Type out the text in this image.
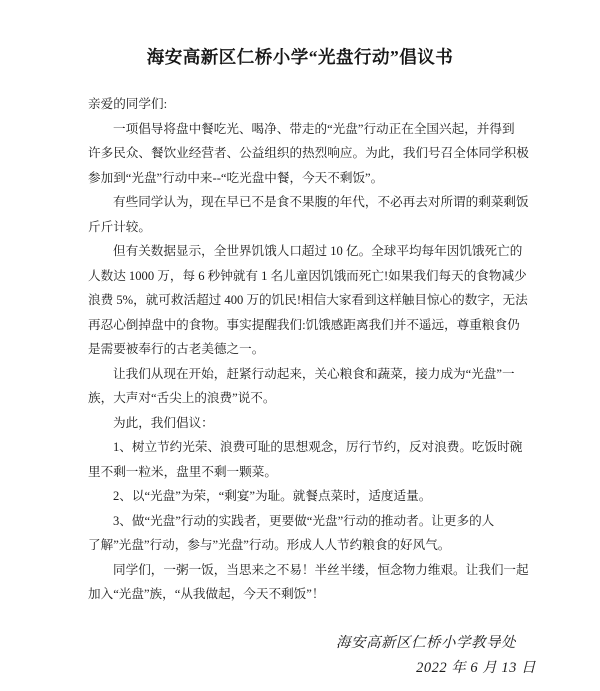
海安高新区仁桥小学“光盘行动”倡议书
亲爱的同学们:
一项倡导将盘中餐吃光、喝净、带走的“光盘”行动正在全国兴起，并得到
许多民众、餐饮业经营者、公益组织的热烈响应。为此，我们号召全体同学积极
参加到“光盘”行动中来--“吃光盘中餐，今天不剩饭”。
有些同学认为，现在早已不是食不果腹的年代，不必再去对所谓的剩菜剩饭
斤斤计较。
但有关数据显示，全世界饥饿人口超过 10 亿。全球平均每年因饥饿死亡的
人数达 1000 万，每 6 秒钟就有 1 名儿童因饥饿而死亡!如果我们每天的食物减少
浪费 5%，就可救活超过 400 万的饥民!相信大家看到这样触目惊心的数字，无法
再忍心倒掉盘中的食物。事实提醒我们:饥饿感距离我们并不遥远，尊重粮食仍
是需要被奉行的古老美德之一。
让我们从现在开始，赶紧行动起来，关心粮食和蔬菜，接力成为“光盘”一
族，大声对“舌尖上的浪费”说不。
为此，我们倡议：
1、树立节约光荣、浪费可耻的思想观念，厉行节约，反对浪费。吃饭时碗
里不剩一粒米，盘里不剩一颗菜。
2、以“光盘”为荣，“剩宴”为耻。就餐点菜时，适度适量。
3、做“光盘”行动的实践者，更要做“光盘”行动的推动者。让更多的人
了解”光盘”行动，参与”光盘”行动。形成人人节约粮食的好风气。
同学们，一粥一饭，当思来之不易！半丝半缕，恒念物力维艰。让我们一起
加入“光盘”族，“从我做起，今天不剩饭”！
海安高新区仁桥小学教导处
2022 年 6 月 13 日
